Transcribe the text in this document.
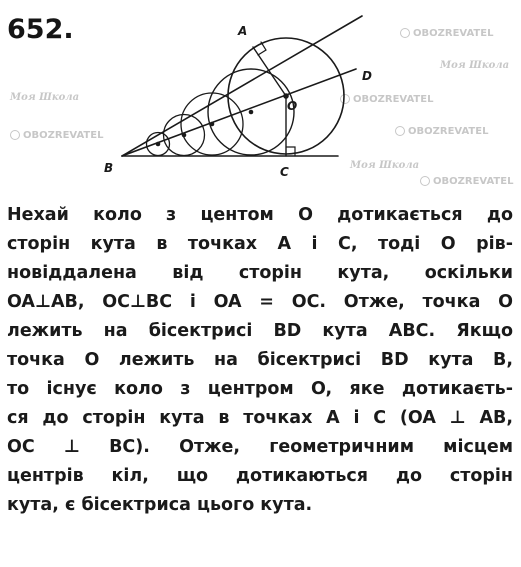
652.	OBOZREVATEL
Моя Школа
OBOZREVATEL
Моя Школа
OBOZREVATEL	OBOZREVATEL
Моя Школа
OBOZREVATEL
A
B	C
O
D
Нехай коло з центом O дотикається до
сторін кута в точках A і C, тоді O рів-
новіддалена від сторін кута, оскільки
OA⊥AB, OC⊥BC і OA = OC. Отже, точка O
лежить на бісектрисі BD кута ABC. Якщо
точка O лежить на бісектрисі BD кута B,
то існує коло з центром O, яке дотикаєть-
ся до сторін кута в точках A і C (OA ⊥ AB,
OC ⊥ BC). Отже, геометричним місцем
центрів кіл, що дотикаються до сторін
кута, є бісектриса цього кута.
